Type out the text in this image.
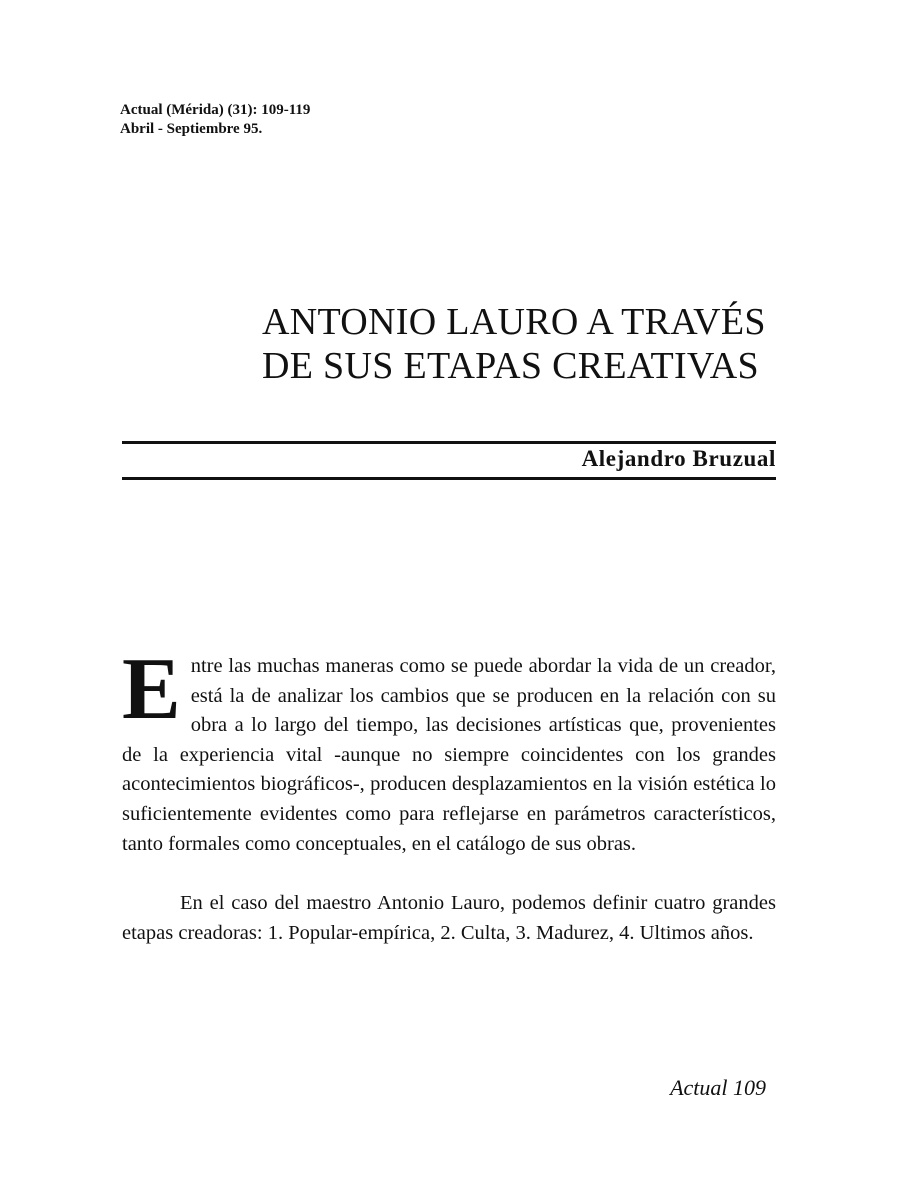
Actual (Mérida) (31): 109-119
Abril - Septiembre 95.
ANTONIO LAURO A TRAVÉS
DE SUS ETAPAS CREATIVAS
Alejandro Bruzual

E ntre las muchas maneras como se puede abordar la vida de un creador, está la de analizar los cambios que se producen en la relación con su obra a lo largo del tiempo, las decisiones artísticas que, provenientes de la experiencia vital -aunque no siempre coincidentes con los grandes acontecimientos biográficos-, producen desplazamientos en la visión estética lo suficientemente evidentes como para reflejarse en parámetros característicos, tanto formales como conceptuales, en el catálogo de sus obras.

En el caso del maestro Antonio Lauro, podemos definir cuatro grandes etapas creadoras: 1. Popular-empírica, 2. Culta, 3. Madurez, 4. Ultimos años.

Actual 109
